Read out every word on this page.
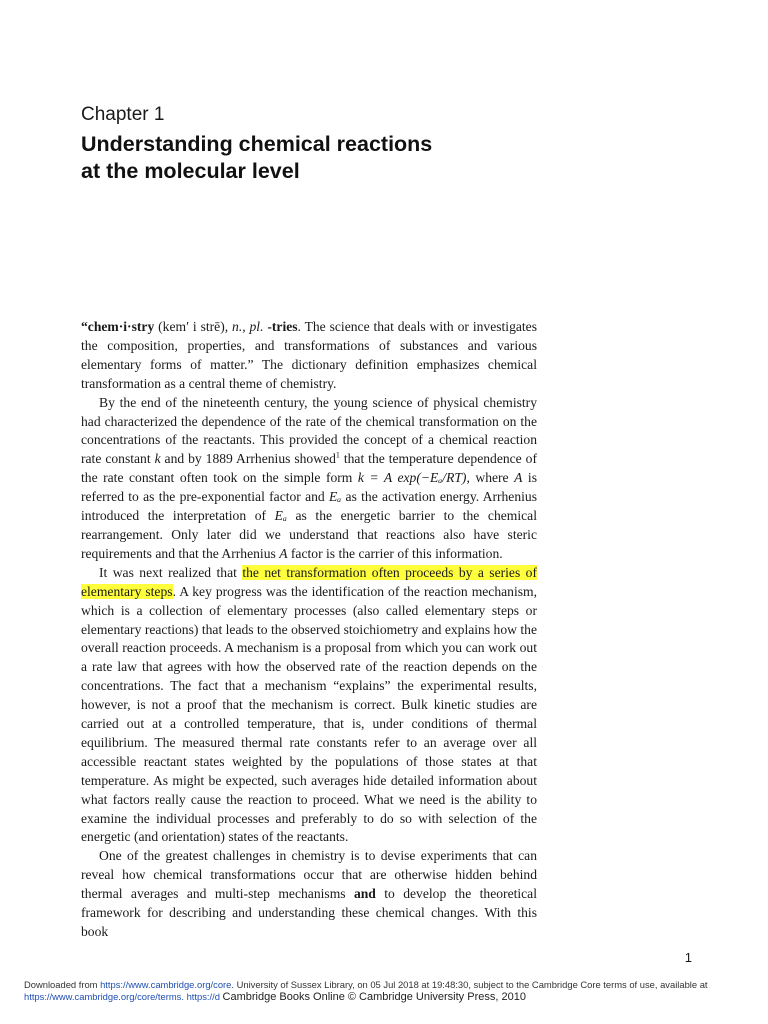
Chapter 1
Understanding chemical reactions
at the molecular level

“chem·i·stry (kem′ i strē), n., pl. -tries. The science that deals with or investigates the composition, properties, and transformations of substances and various elementary forms of matter.” The dictionary definition emphasizes chemical transformation as a central theme of chemistry.

By the end of the nineteenth century, the young science of physical chemistry had characterized the dependence of the rate of the chemical transformation on the concentrations of the reactants. This provided the concept of a chemical reaction rate constant k and by 1889 Arrhenius showed$^1$ that the temperature dependence of the rate constant often took on the simple form k = A exp(−Eₐ/RT), where A is referred to as the pre-exponential factor and Eₐ as the activation energy. Arrhenius introduced the interpretation of Eₐ as the energetic barrier to the chemical rearrangement. Only later did we understand that reactions also have steric requirements and that the Arrhenius A factor is the carrier of this information.

It was next realized that the net transformation often proceeds by a series of elementary steps. A key progress was the identification of the reaction mechanism, which is a collection of elementary processes (also called elementary steps or elementary reactions) that leads to the observed stoichiometry and explains how the overall reaction proceeds. A mechanism is a proposal from which you can work out a rate law that agrees with how the observed rate of the reaction depends on the concentrations. The fact that a mechanism “explains” the experimental results, however, is not a proof that the mechanism is correct. Bulk kinetic studies are carried out at a controlled temperature, that is, under conditions of thermal equilibrium. The measured thermal rate constants refer to an average over all accessible reactant states weighted by the populations of those states at that temperature. As might be expected, such averages hide detailed information about what factors really cause the reaction to proceed. What we need is the ability to examine the individual processes and preferably to do so with selection of the energetic (and orientation) states of the reactants.

One of the greatest challenges in chemistry is to devise experiments that can reveal how chemical transformations occur that are otherwise hidden behind thermal averages and multi-step mechanisms and to develop the theoretical framework for describing and understanding these chemical changes. With this book

1
Downloaded from https://www.cambridge.org/core. University of Sussex Library, on 05 Jul 2018 at 19:48:30, subject to the Cambridge Core terms of use, available at
https://www.cambridge.org/core/terms. https://d Cambridge Books Online © Cambridge University Press, 2010
